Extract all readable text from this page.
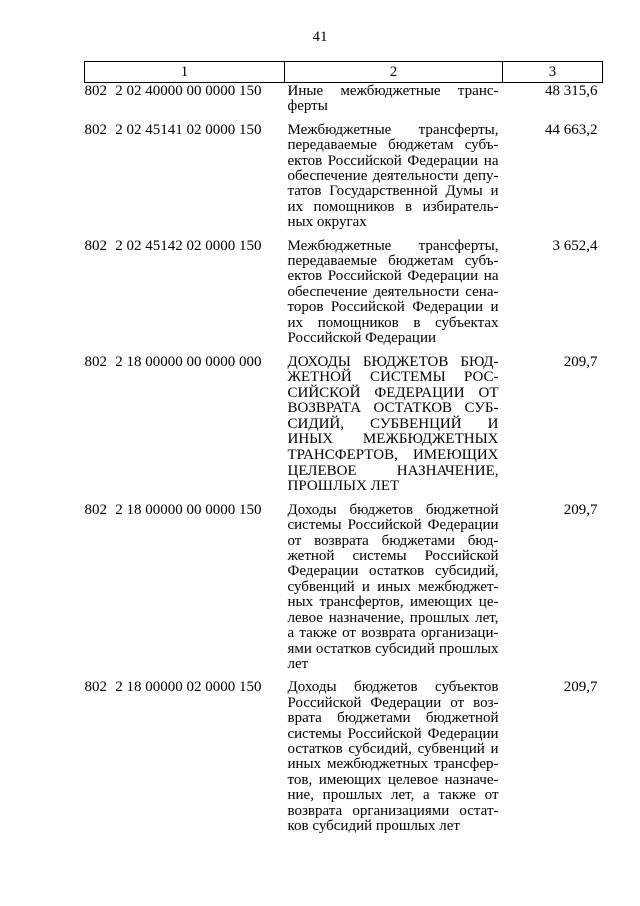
41
1	2	3
802 2 02 40000 00 0000 150	Иные межбюджетные трансферты	48 315,6
802 2 02 45141 02 0000 150	Межбюджетные трансферты, передаваемые бюджетам субъектов Российской Федерации на обеспечение деятельности депутатов Государственной Думы и их помощников в избирательных округах	44 663,2
802 2 02 45142 02 0000 150	Межбюджетные трансферты, передаваемые бюджетам субъектов Российской Федерации на обеспечение деятельности сенаторов Российской Федерации и их помощников в субъектах Российской Федерации	3 652,4
802 2 18 00000 00 0000 000	ДОХОДЫ БЮДЖЕТОВ БЮДЖЕТНОЙ СИСТЕМЫ РОССИЙСКОЙ ФЕДЕРАЦИИ ОТ ВОЗВРАТА ОСТАТКОВ СУБСИДИЙ, СУБВЕНЦИЙ И ИНЫХ МЕЖБЮДЖЕТНЫХ ТРАНСФЕРТОВ, ИМЕЮЩИХ ЦЕЛЕВОЕ НАЗНАЧЕНИЕ, ПРОШЛЫХ ЛЕТ	209,7
802 2 18 00000 00 0000 150	Доходы бюджетов бюджетной системы Российской Федерации от возврата бюджетами бюджетной системы Российской Федерации остатков субсидий, субвенций и иных межбюджетных трансфертов, имеющих целевое назначение, прошлых лет, а также от возврата организациями остатков субсидий прошлых лет	209,7
802 2 18 00000 02 0000 150	Доходы бюджетов субъектов Российской Федерации от возврата бюджетами бюджетной системы Российской Федерации остатков субсидий, субвенций и иных межбюджетных трансфертов, имеющих целевое назначение, прошлых лет, а также от возврата организациями остатков субсидий прошлых лет	209,7
